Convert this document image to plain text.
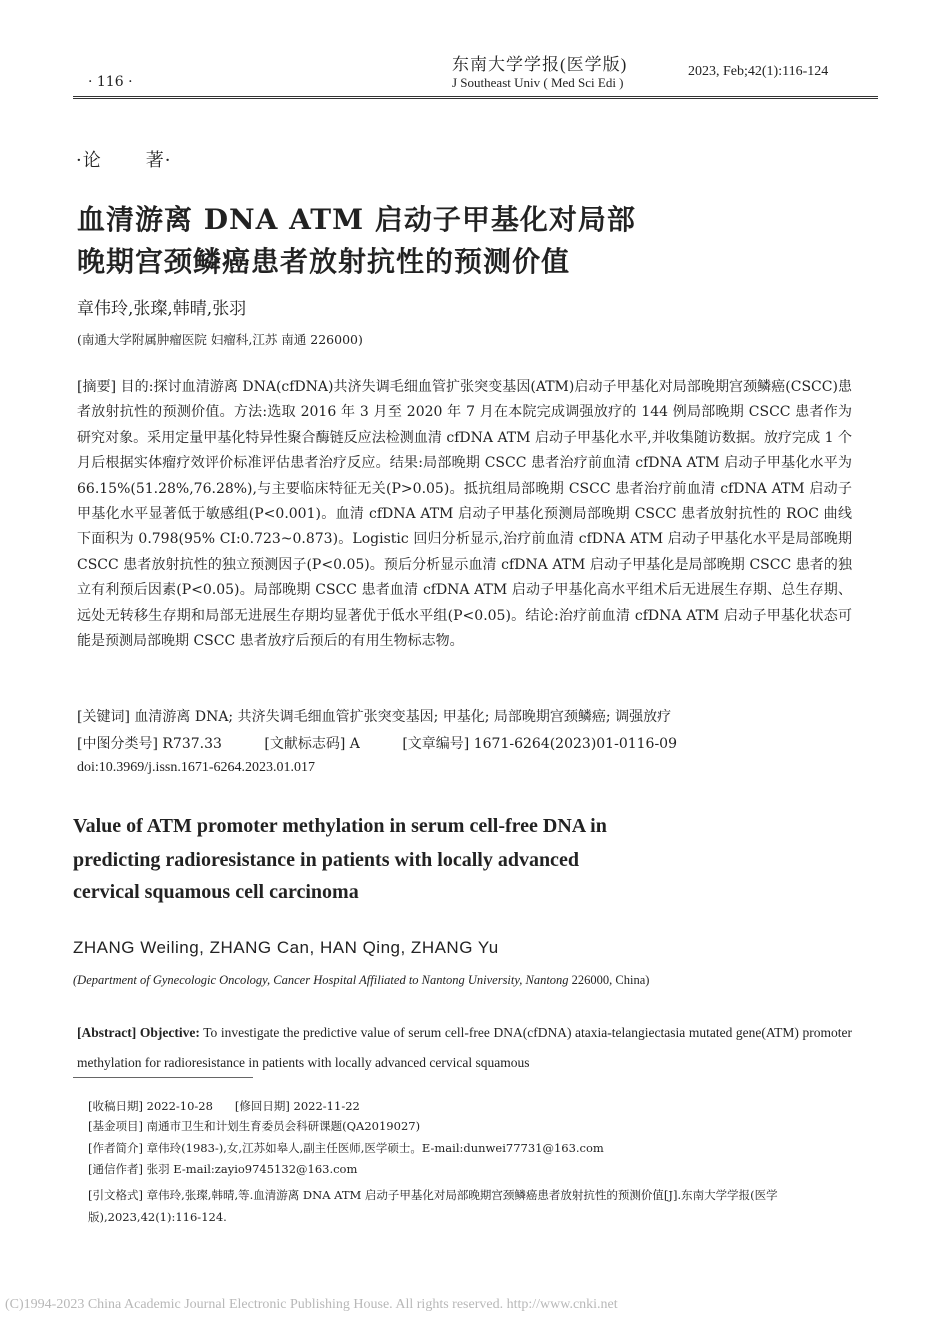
· 116 ·
东南大学学报(医学版)
J Southeast Univ ( Med Sci Edi )
2023, Feb;42(1):116-124
·论 著·
血清游离 DNA ATM 启动子甲基化对局部
晚期宫颈鳞癌患者放射抗性的预测价值
章伟玲,张璨,韩晴,张羽
(南通大学附属肿瘤医院 妇瘤科,江苏 南通 226000)
[摘要] 目的:探讨血清游离 DNA(cfDNA)共济失调毛细血管扩张突变基因(ATM)启动子甲基化对局部晚期宫颈鳞癌(CSCC)患者放射抗性的预测价值。方法:选取 2016 年 3 月至 2020 年 7 月在本院完成调强放疗的 144 例局部晚期 CSCC 患者作为研究对象。采用定量甲基化特异性聚合酶链反应法检测血清 cfDNA ATM 启动子甲基化水平,并收集随访数据。放疗完成 1 个月后根据实体瘤疗效评价标准评估患者治疗反应。结果:局部晚期 CSCC 患者治疗前血清 cfDNA ATM 启动子甲基化水平为 66.15%(51.28%,76.28%),与主要临床特征无关(P>0.05)。抵抗组局部晚期 CSCC 患者治疗前血清 cfDNA ATM 启动子甲基化水平显著低于敏感组(P<0.001)。血清 cfDNA ATM 启动子甲基化预测局部晚期 CSCC 患者放射抗性的 ROC 曲线下面积为 0.798(95% CI:0.723~0.873)。Logistic 回归分析显示,治疗前血清 cfDNA ATM 启动子甲基化水平是局部晚期 CSCC 患者放射抗性的独立预测因子(P<0.05)。预后分析显示血清 cfDNA ATM 启动子甲基化是局部晚期 CSCC 患者的独立有利预后因素(P<0.05)。局部晚期 CSCC 患者血清 cfDNA ATM 启动子甲基化高水平组术后无进展生存期、总生存期、远处无转移生存期和局部无进展生存期均显著优于低水平组(P<0.05)。结论:治疗前血清 cfDNA ATM 启动子甲基化状态可能是预测局部晚期 CSCC 患者放疗后预后的有用生物标志物。
[关键词] 血清游离 DNA; 共济失调毛细血管扩张突变基因; 甲基化; 局部晚期宫颈鳞癌; 调强放疗
[中图分类号] R737.33	[文献标志码] A	[文章编号] 1671-6264(2023)01-0116-09
doi:10.3969/j.issn.1671-6264.2023.01.017
Value of ATM promoter methylation in serum cell-free DNA in
predicting radioresistance in patients with locally advanced
cervical squamous cell carcinoma
ZHANG Weiling, ZHANG Can, HAN Qing, ZHANG Yu
(Department of Gynecologic Oncology, Cancer Hospital Affiliated to Nantong University, Nantong 226000, China)
[Abstract] Objective: To investigate the predictive value of serum cell-free DNA(cfDNA) ataxia-telangiectasia mutated gene(ATM) promoter methylation for radioresistance in patients with locally advanced cervical squamous
[收稿日期] 2022-10-28 [修回日期] 2022-11-22
[基金项目] 南通市卫生和计划生育委员会科研课题(QA2019027)
[作者简介] 章伟玲(1983-),女,江苏如皋人,副主任医师,医学硕士。E-mail:dunwei77731@163.com
[通信作者] 张羽 E-mail:zayio9745132@163.com
[引文格式] 章伟玲,张璨,韩晴,等.血清游离 DNA ATM 启动子甲基化对局部晚期宫颈鳞癌患者放射抗性的预测价值[J].东南大学学报(医学版),2023,42(1):116-124.
(C)1994-2023 China Academic Journal Electronic Publishing House. All rights reserved. http://www.cnki.net
